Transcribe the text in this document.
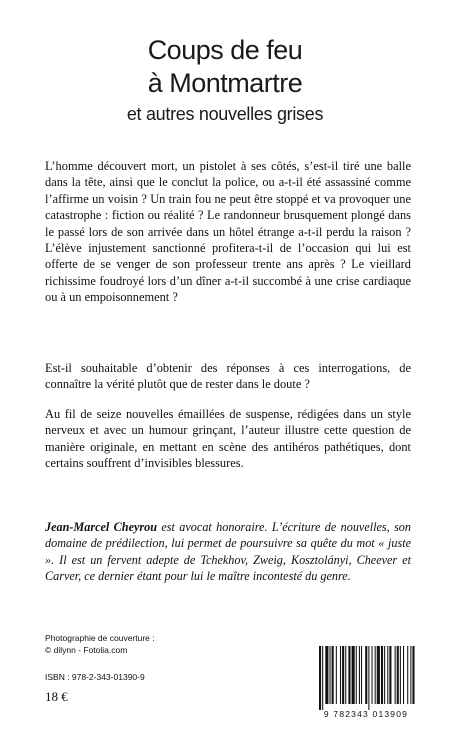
Coups de feu
à Montmartre
et autres nouvelles grises

L’homme découvert mort, un pistolet à ses côtés, s’est-il tiré une balle dans la tête, ainsi que le conclut la police, ou a-t-il été assassiné comme l’affirme un voisin ? Un train fou ne peut être stoppé et va provoquer une catastrophe : fiction ou réalité ? Le randonneur brusquement plongé dans le passé lors de son arrivée dans un hôtel étrange a-t-il perdu la raison ? L’élève injustement sanctionné profitera-t-il de l’occasion qui lui est offerte de se venger de son professeur trente ans après ? Le vieillard richissime foudroyé lors d’un dîner a-t-il succombé à une crise cardiaque ou à un empoisonnement ?

Est-il souhaitable d’obtenir des réponses à ces interrogations, de connaître la vérité plutôt que de rester dans le doute ?

Au fil de seize nouvelles émaillées de suspense, rédigées dans un style nerveux et avec un humour grinçant, l’auteur illustre cette question de manière originale, en mettant en scène des antihéros pathétiques, dont certains souffrent d’invisibles blessures.

Jean-Marcel Cheyrou est avocat honoraire. L’écriture de nouvelles, son domaine de prédilection, lui permet de poursuivre sa quête du mot « juste ». Il est un fervent adepte de Tchekhov, Zweig, Kosztolányi, Cheever et Carver, ce dernier étant pour lui le maître incontesté du genre.
Photographie de couverture :
© dilynn - Fotolia.com
ISBN : 978-2-343-01390-9
18 €
9 782343 013909
